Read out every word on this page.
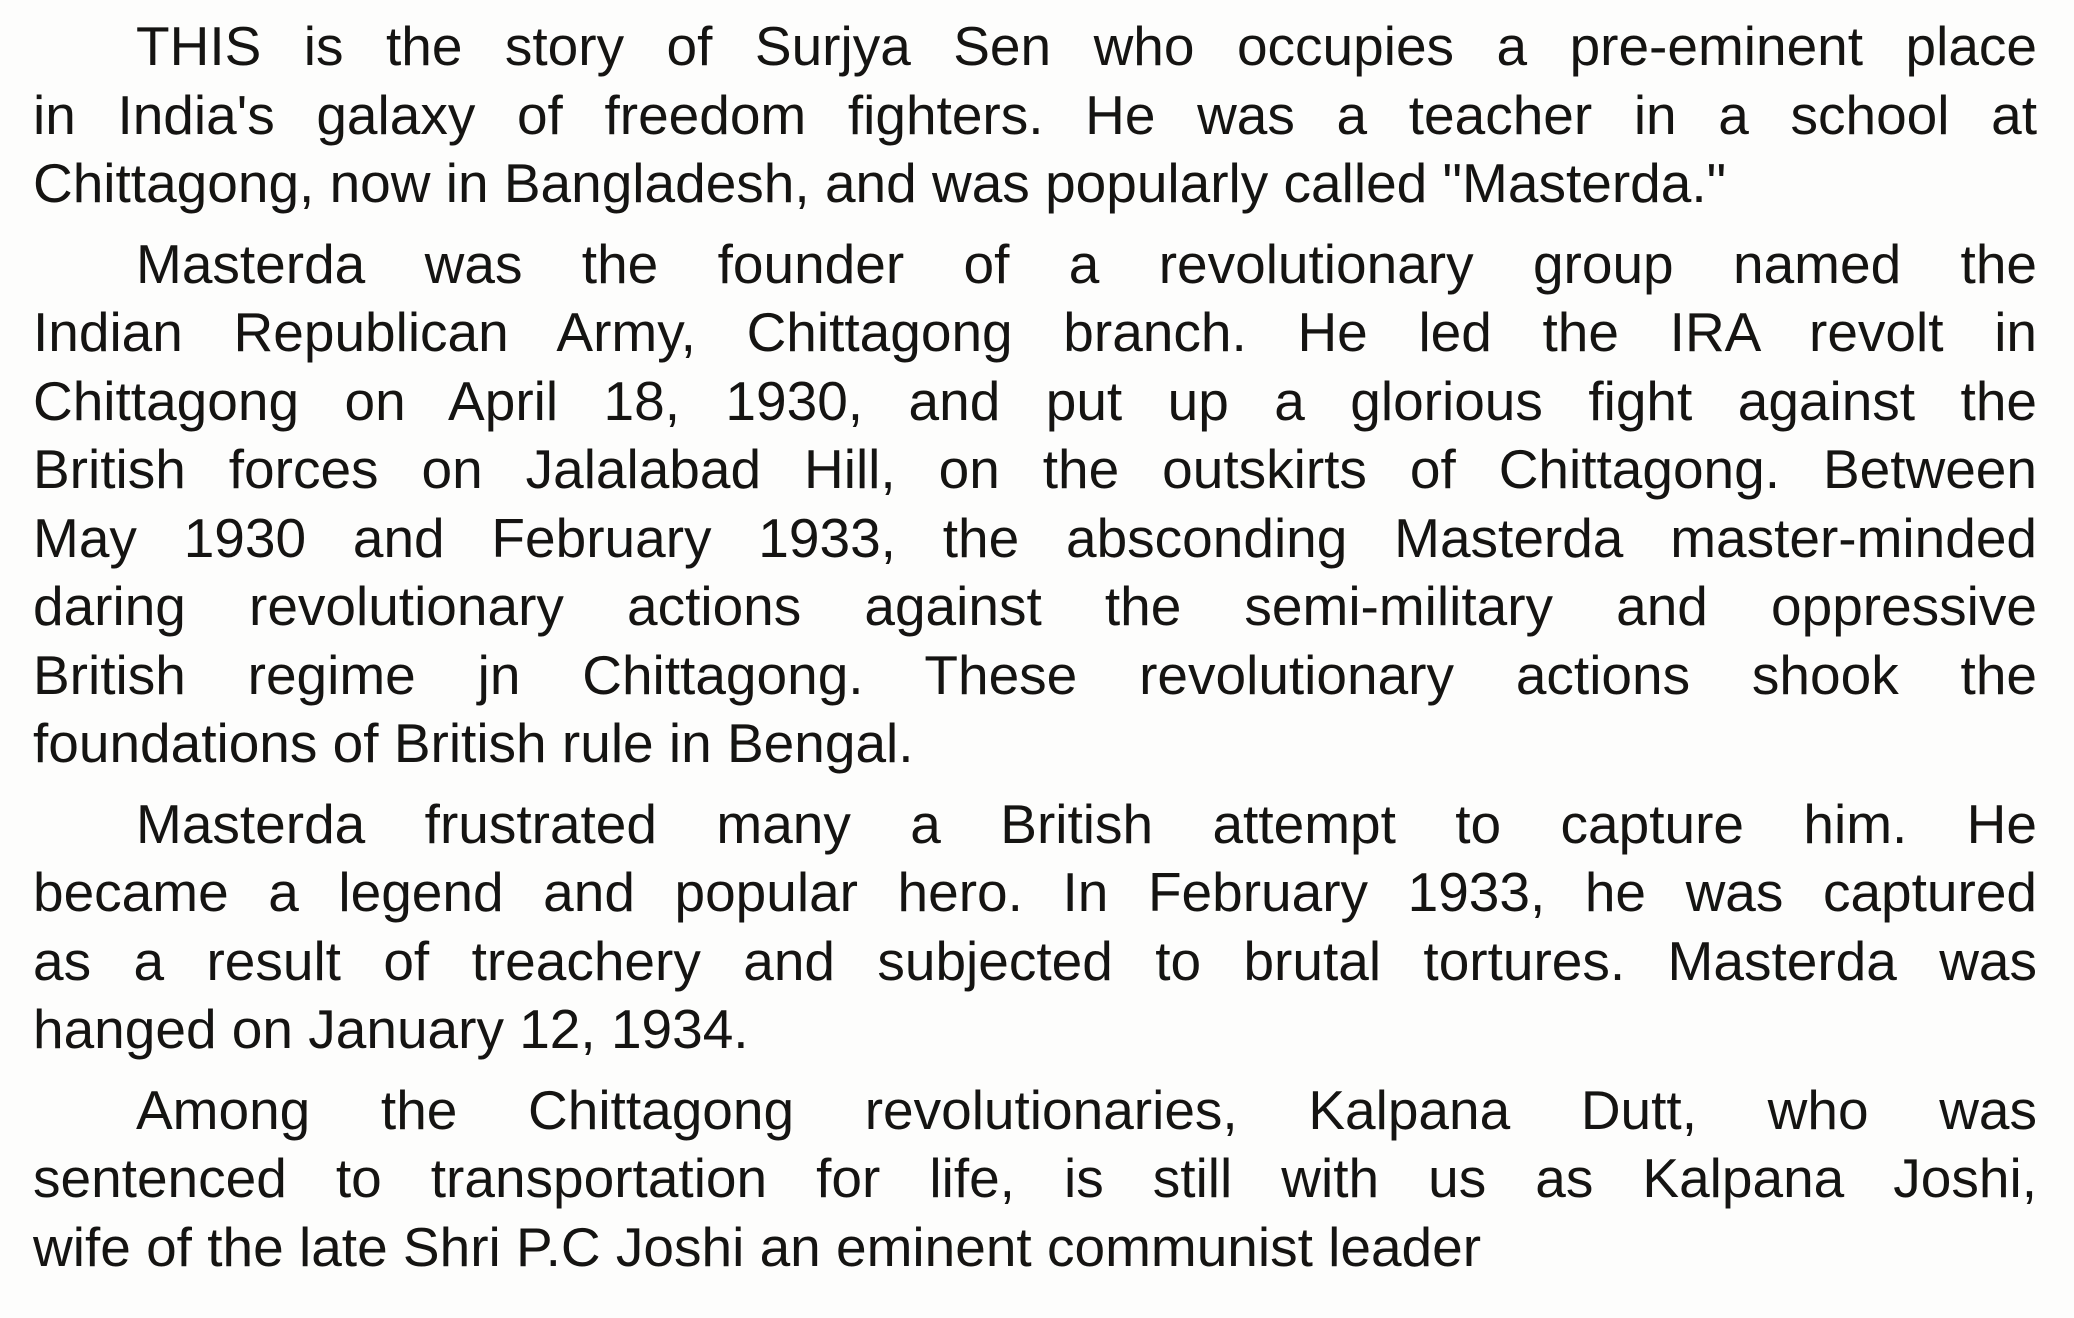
THIS is the story of Surjya Sen who occupies a pre-eminent place
in India's galaxy of freedom fighters. He was a teacher in a school at
Chittagong, now in Bangladesh, and was popularly called "Masterda."

Masterda was the founder of a revolutionary group named the
Indian Republican Army, Chittagong branch. He led the IRA revolt in
Chittagong on April 18, 1930, and put up a glorious fight against the
British forces on Jalalabad Hill, on the outskirts of Chittagong. Between
May 1930 and February 1933, the absconding Masterda master-minded
daring revolutionary actions against the semi-military and oppressive
British regime jn Chittagong. These revolutionary actions shook the
foundations of British rule in Bengal.

Masterda frustrated many a British attempt to capture him. He
became a legend and popular hero. In February 1933, he was captured
as a result of treachery and subjected to brutal tortures. Masterda was
hanged on January 12, 1934.

Among the Chittagong revolutionaries, Kalpana Dutt, who was
sentenced to transportation for life, is still with us as Kalpana Joshi,
wife of the late Shri P.C Joshi an eminent communist leader
